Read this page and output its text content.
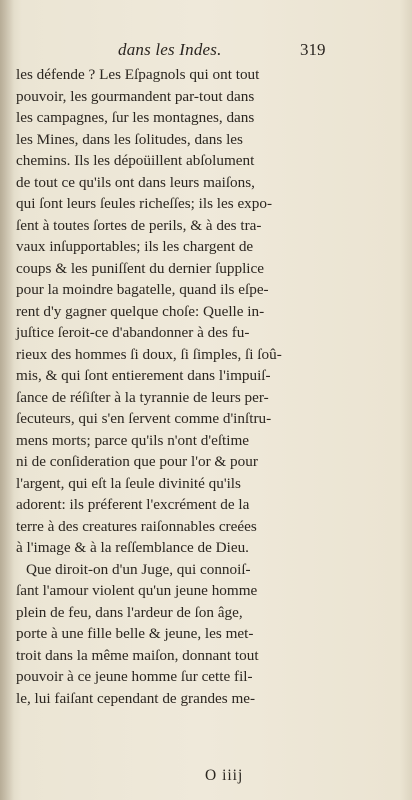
dans les Indes.	319
les défende ? Les Eſpagnols qui ont tout
pouvoir, les gourmandent par-tout dans
les campagnes, ſur les montagnes, dans
les Mines, dans les ſolitudes, dans les
chemins. Ils les dépoüillent abſolument
de tout ce qu'ils ont dans leurs maiſons,
qui ſont leurs ſeules richeſſes; ils les expo-
ſent à toutes ſortes de perils, & à des tra-
vaux inſupportables; ils les chargent de
coups & les puniſſent du dernier ſupplice
pour la moindre bagatelle, quand ils eſpe-
rent d'y gagner quelque choſe: Quelle in-
juſtice ſeroit-ce d'abandonner à des fu-
rieux des hommes ſi doux, ſi ſimples, ſi ſoû-
mis, & qui ſont entierement dans l'impuiſ-
ſance de réſiſter à la tyrannie de leurs per-
ſecuteurs, qui s'en ſervent comme d'inſtru-
mens morts; parce qu'ils n'ont d'eſtime
ni de conſideration que pour l'or & pour
l'argent, qui eſt la ſeule divinité qu'ils
adorent: ils préferent l'excrément de la
terre à des creatures raiſonnables creées
à l'image & à la reſſemblance de Dieu.
Que diroit-on d'un Juge, qui connoiſ-
ſant l'amour violent qu'un jeune homme
plein de feu, dans l'ardeur de ſon âge,
porte à une fille belle & jeune, les met-
troit dans la même maiſon, donnant tout
pouvoir à ce jeune homme ſur cette fil-
le, lui faiſant cependant de grandes me-
O iiij
